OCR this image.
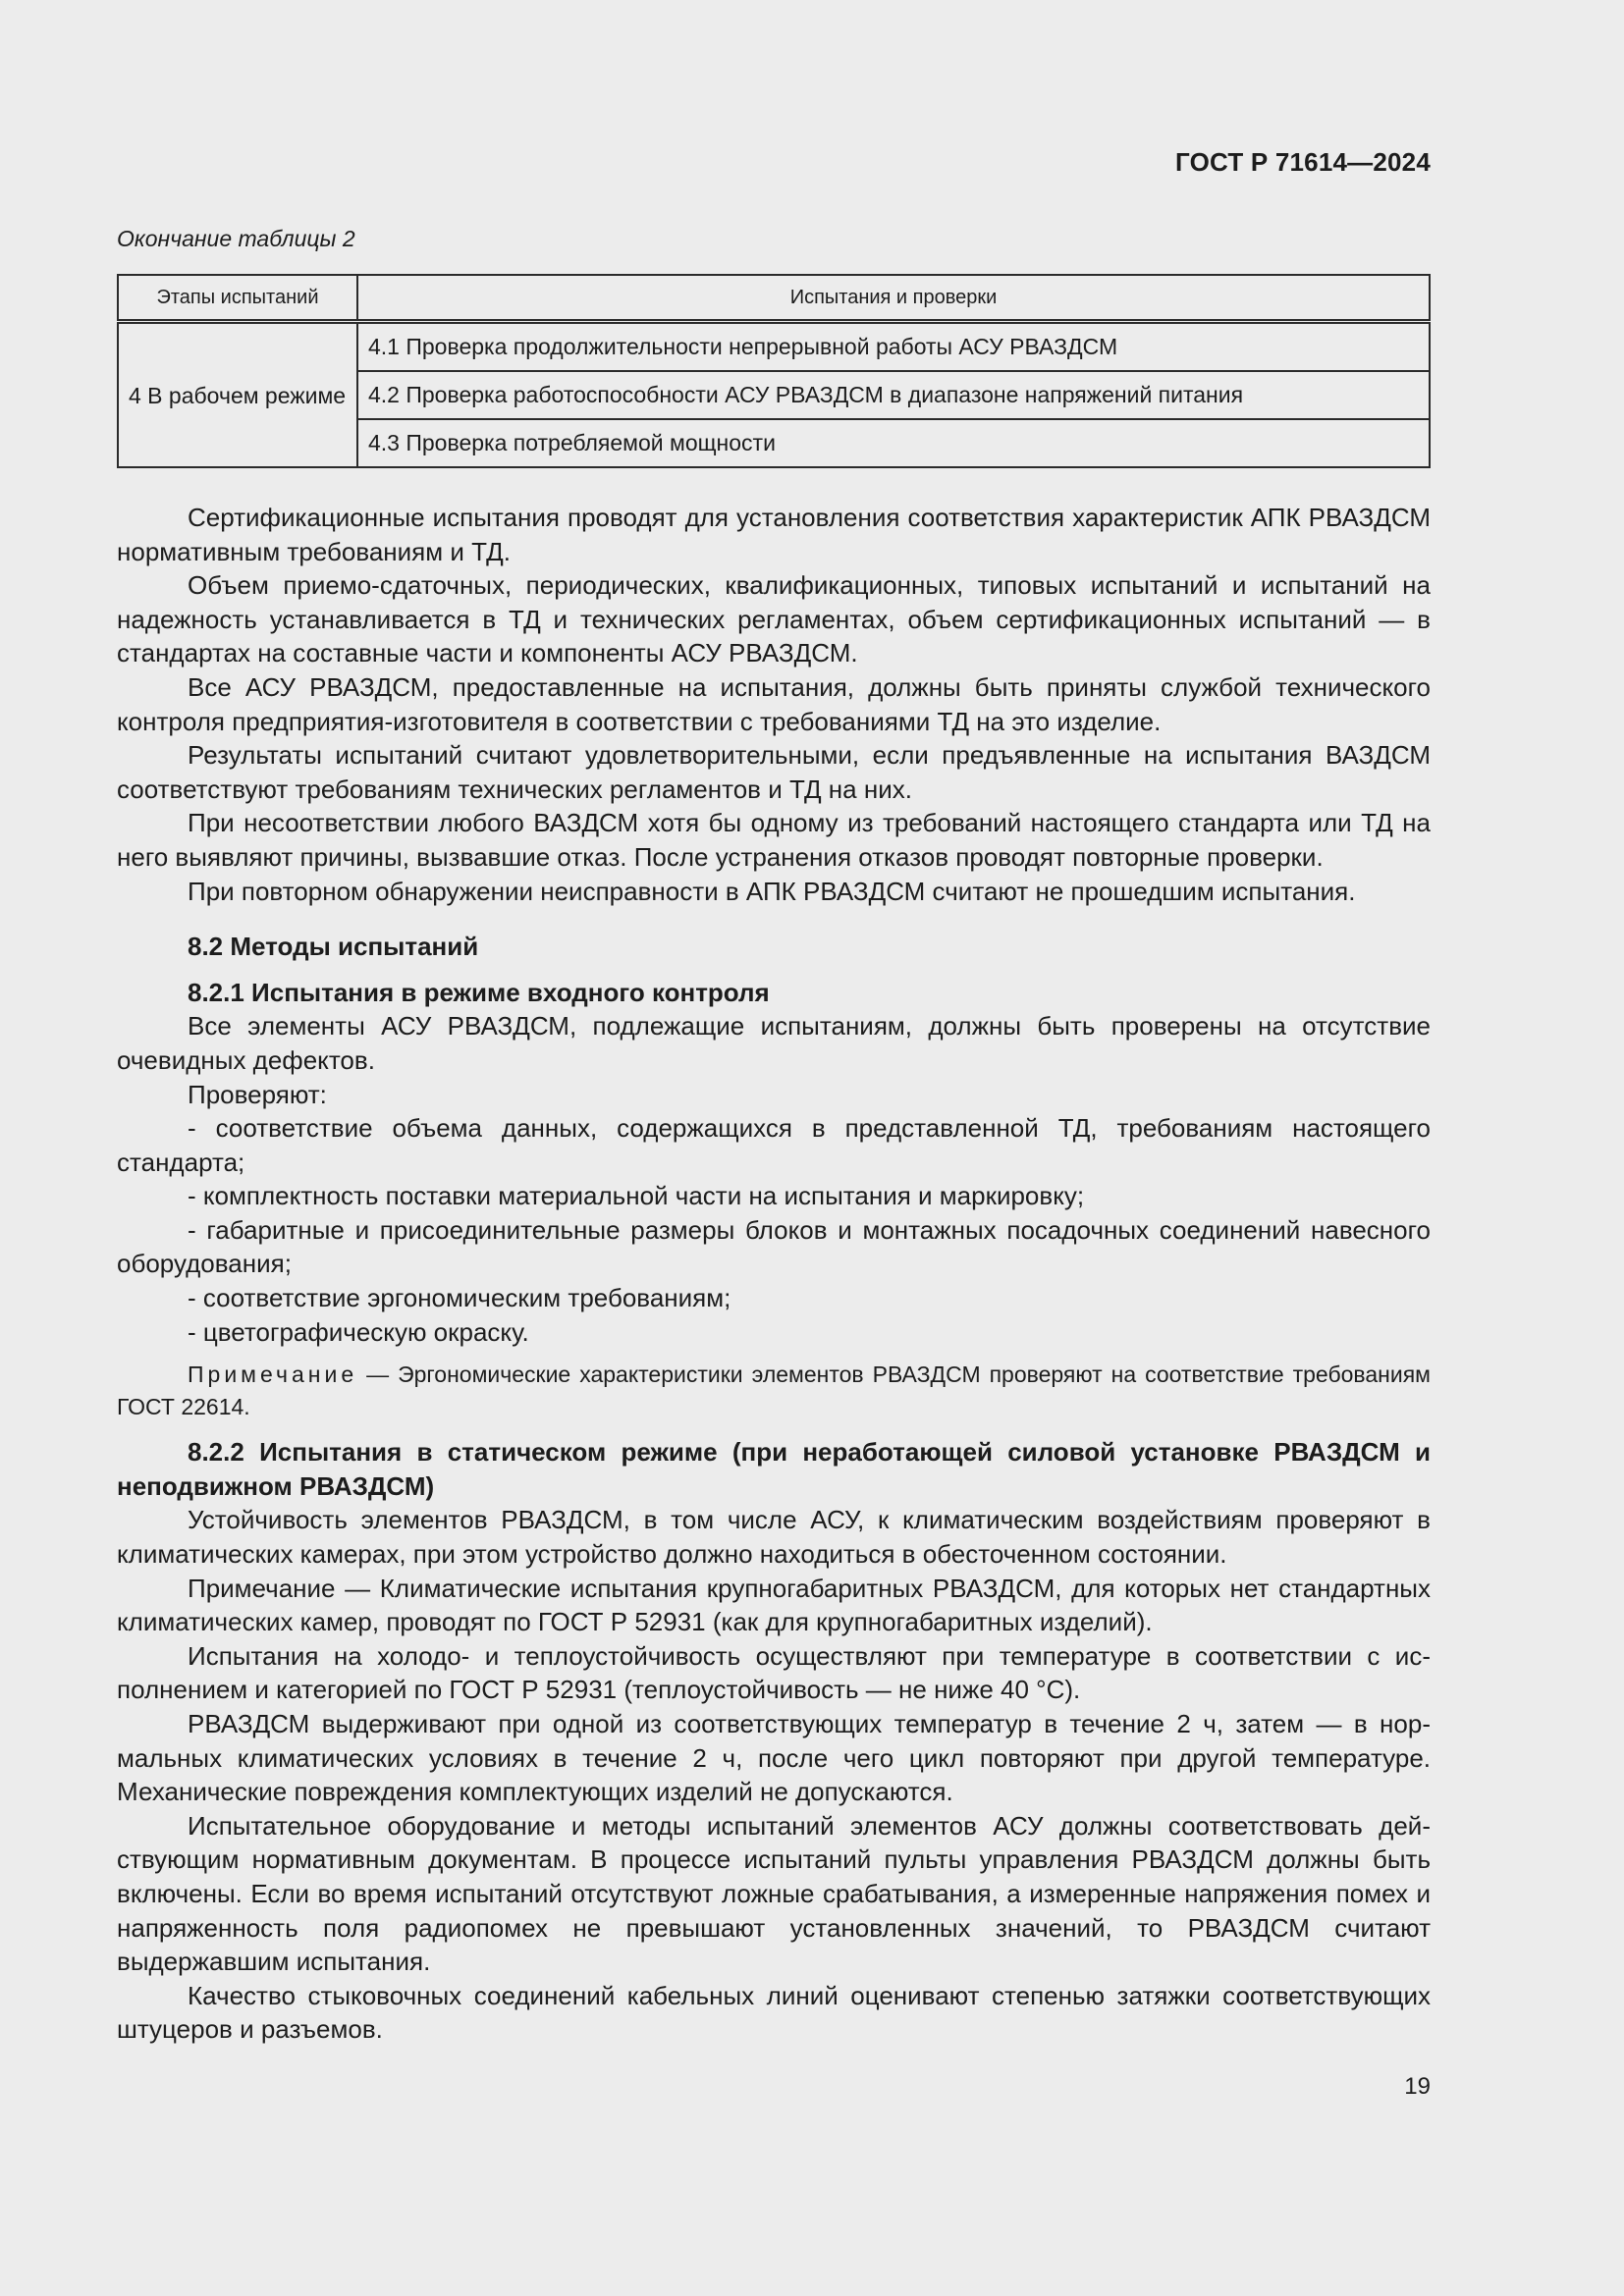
ГОСТ Р 71614—2024
Окончание таблицы 2
Этапы испытаний	Испытания и проверки
4 В рабочем режиме	4.1 Проверка продолжительности непрерывной работы АСУ РВАЗДСМ
	4.2 Проверка работоспособности АСУ РВАЗДСМ в диапазоне напряжений питания
	4.3 Проверка потребляемой мощности

Сертификационные испытания проводят для установления соответствия характеристик АПК РВАЗДСМ нормативным требованиям и ТД.

Объем приемо-сдаточных, периодических, квалификационных, типовых испытаний и испытаний на надежность устанавливается в ТД и технических регламентах, объем сертификационных испытаний — в стандартах на составные части и компоненты АСУ РВАЗДСМ.

Все АСУ РВАЗДСМ, предоставленные на испытания, должны быть приняты службой технического контроля предприятия-изготовителя в соответствии с требованиями ТД на это изделие.

Результаты испытаний считают удовлетворительными, если предъявленные на испытания ВАЗДСМ соответствуют требованиям технических регламентов и ТД на них.

При несоответствии любого ВАЗДСМ хотя бы одному из требований настоящего стандарта или ТД на него выявляют причины, вызвавшие отказ. После устранения отказов проводят повторные проверки.

При повторном обнаружении неисправности в АПК РВАЗДСМ считают не прошедшим испытания.

8.2 Методы испытаний

8.2.1 Испытания в режиме входного контроля

Все элементы АСУ РВАЗДСМ, подлежащие испытаниям, должны быть проверены на отсутствие очевидных дефектов.

Проверяют:

- соответствие объема данных, содержащихся в представленной ТД, требованиям настоящего стандарта;

- комплектность поставки материальной части на испытания и маркировку;

- габаритные и присоединительные размеры блоков и монтажных посадочных соединений навесного оборудования;

- соответствие эргономическим требованиям;

- цветографическую окраску.

Примечание — Эргономические характеристики элементов РВАЗДСМ проверяют на соответствие требованиям ГОСТ 22614.

8.2.2 Испытания в статическом режиме (при неработающей силовой установке РВАЗДСМ и неподвижном РВАЗДСМ)

Устойчивость элементов РВАЗДСМ, в том числе АСУ, к климатическим воздействиям проверяют в климатических камерах, при этом устройство должно находиться в обесточенном состоянии.

Примечание — Климатические испытания крупногабаритных РВАЗДСМ, для которых нет стандартных климатических камер, проводят по ГОСТ Р 52931 (как для крупногабаритных изделий).

Испытания на холодо- и теплоустойчивость осуществляют при температуре в соответствии с исполнением и категорией по ГОСТ Р 52931 (теплоустойчивость — не ниже 40 °С).

РВАЗДСМ выдерживают при одной из соответствующих температур в течение 2 ч, затем — в нормальных климатических условиях в течение 2 ч, после чего цикл повторяют при другой температуре. Механические повреждения комплектующих изделий не допускаются.

Испытательное оборудование и методы испытаний элементов АСУ должны соответствовать действующим нормативным документам. В процессе испытаний пульты управления РВАЗДСМ должны быть включены. Если во время испытаний отсутствуют ложные срабатывания, а измеренные напряжения помех и напряженность поля радиопомех не превышают установленных значений, то РВАЗДСМ считают выдержавшим испытания.

Качество стыковочных соединений кабельных линий оценивают степенью затяжки соответствующих штуцеров и разъемов.

19
